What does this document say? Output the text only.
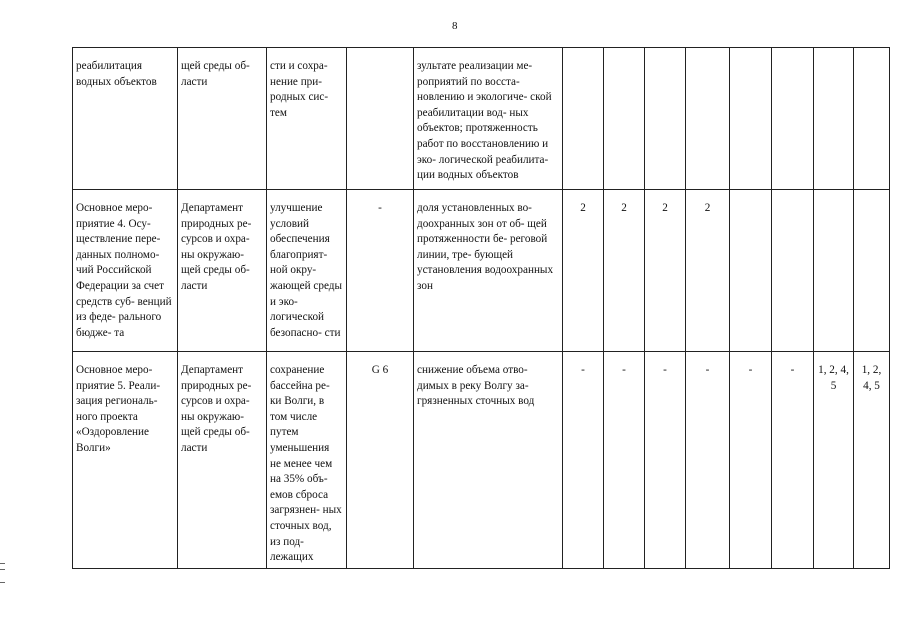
8
реабилитация водных объектов	щей среды об- ласти	сти и сохра- нение при- родных сис- тем		зультате реализации ме- роприятий по восста- новлению и экологиче- ской реабилитации вод- ных объектов; протяженность работ по восстановлению и эко- логической реабилита- ции водных объектов								
Основное меро- приятие 4. Осу- ществление пере- данных полномо- чий Российской Федерации за счет средств суб- венций из феде- рального бюдже- та	Департамент природных ре- сурсов и охра- ны окружаю- щей среды об- ласти	улучшение условий обеспечения благоприят- ной окру- жающей среды и эко- логической безопасно- сти	-	доля установленных во- доохранных зон от об- щей протяженности бе- реговой линии, тре- бующей установления водоохранных зон	2	2	2	2				
Основное меро- приятие 5. Реали- зация региональ- ного проекта «Оздоровление Волги»	Департамент природных ре- сурсов и охра- ны окружаю- щей среды об- ласти	сохранение бассейна ре- ки Волги, в том числе путем уменьшения не менее чем на 35% объ- емов сброса загрязнен- ных сточных вод, из под- лежащих	G 6	снижение объема отво- димых в реку Волгу за- грязненных сточных вод	-	-	-	-	-	-	1, 2, 4, 5	1, 2, 4, 5
